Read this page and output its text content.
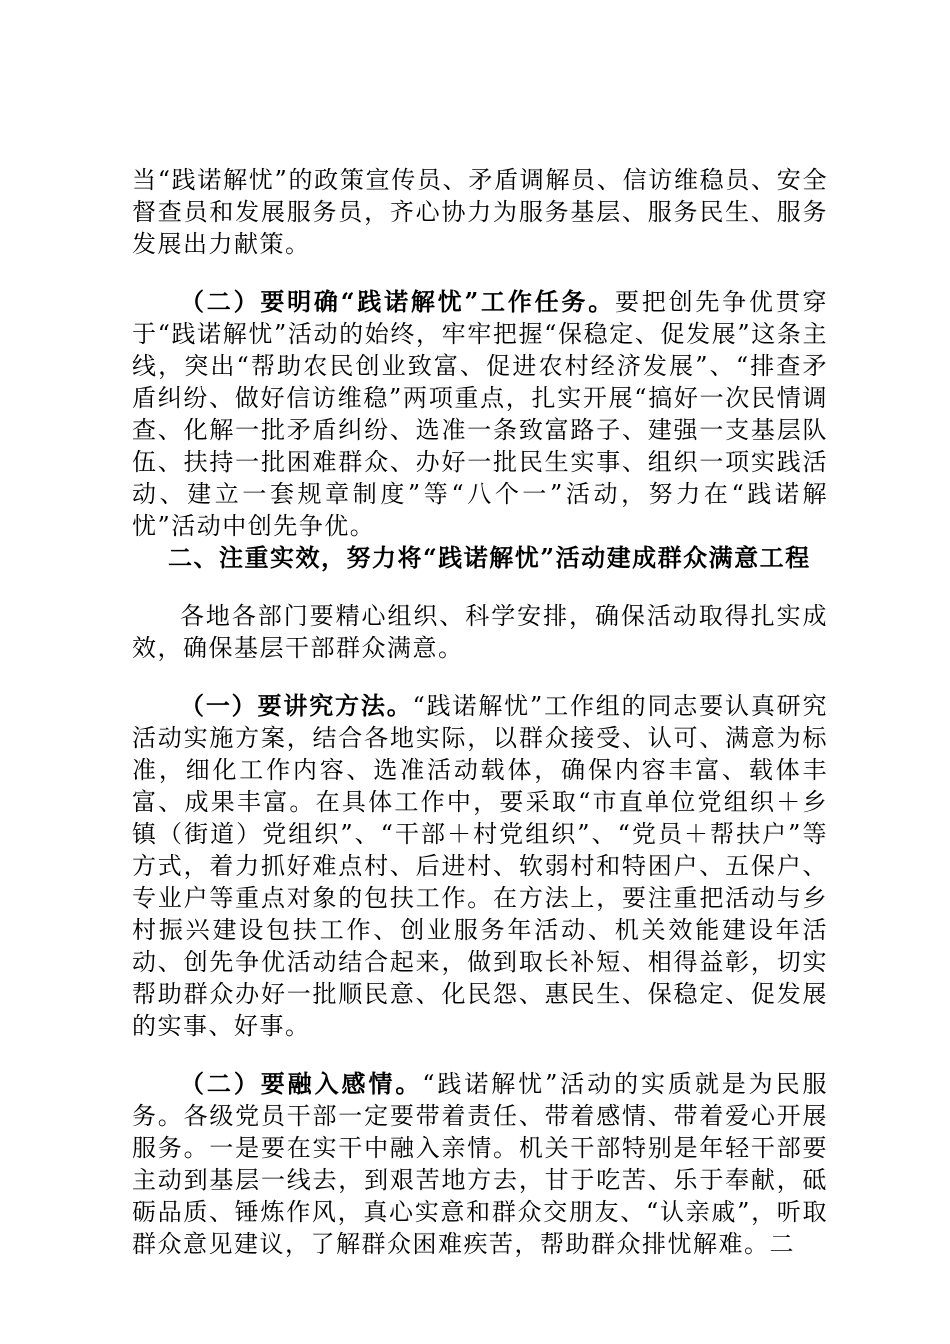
当“践诺解忧”的政策宣传员、矛盾调解员、信访维稳员、安全督查员和发展服务员，齐心协力为服务基层、服务民生、服务发展出力献策。

（二）要明确“践诺解忧”工作任务。要把创先争优贯穿于“践诺解忧”活动的始终，牢牢把握“保稳定、促发展”这条主线，突出“帮助农民创业致富、促进农村经济发展”、“排查矛盾纠纷、做好信访维稳”两项重点，扎实开展“搞好一次民情调查、化解一批矛盾纠纷、选准一条致富路子、建强一支基层队伍、扶持一批困难群众、办好一批民生实事、组织一项实践活动、建立一套规章制度”等“八个一”活动，努力在“践诺解忧”活动中创先争优。

二、注重实效，努力将“践诺解忧”活动建成群众满意工程

各地各部门要精心组织、科学安排，确保活动取得扎实成效，确保基层干部群众满意。

（一）要讲究方法。“践诺解忧”工作组的同志要认真研究活动实施方案，结合各地实际，以群众接受、认可、满意为标准，细化工作内容、选准活动载体，确保内容丰富、载体丰富、成果丰富。在具体工作中，要采取“市直单位党组织＋乡镇（街道）党组织”、“干部＋村党组织”、“党员＋帮扶户”等方式，着力抓好难点村、后进村、软弱村和特困户、五保户、专业户等重点对象的包扶工作。在方法上，要注重把活动与乡村振兴建设包扶工作、创业服务年活动、机关效能建设年活动、创先争优活动结合起来，做到取长补短、相得益彰，切实帮助群众办好一批顺民意、化民怨、惠民生、保稳定、促发展的实事、好事。

（二）要融入感情。“践诺解忧”活动的实质就是为民服务。各级党员干部一定要带着责任、带着感情、带着爱心开展服务。一是要在实干中融入亲情。机关干部特别是年轻干部要主动到基层一线去，到艰苦地方去，甘于吃苦、乐于奉献，砥砺品质、锤炼作风，真心实意和群众交朋友、“认亲戚”，听取群众意见建议，了解群众困难疾苦，帮助群众排忧解难。二
